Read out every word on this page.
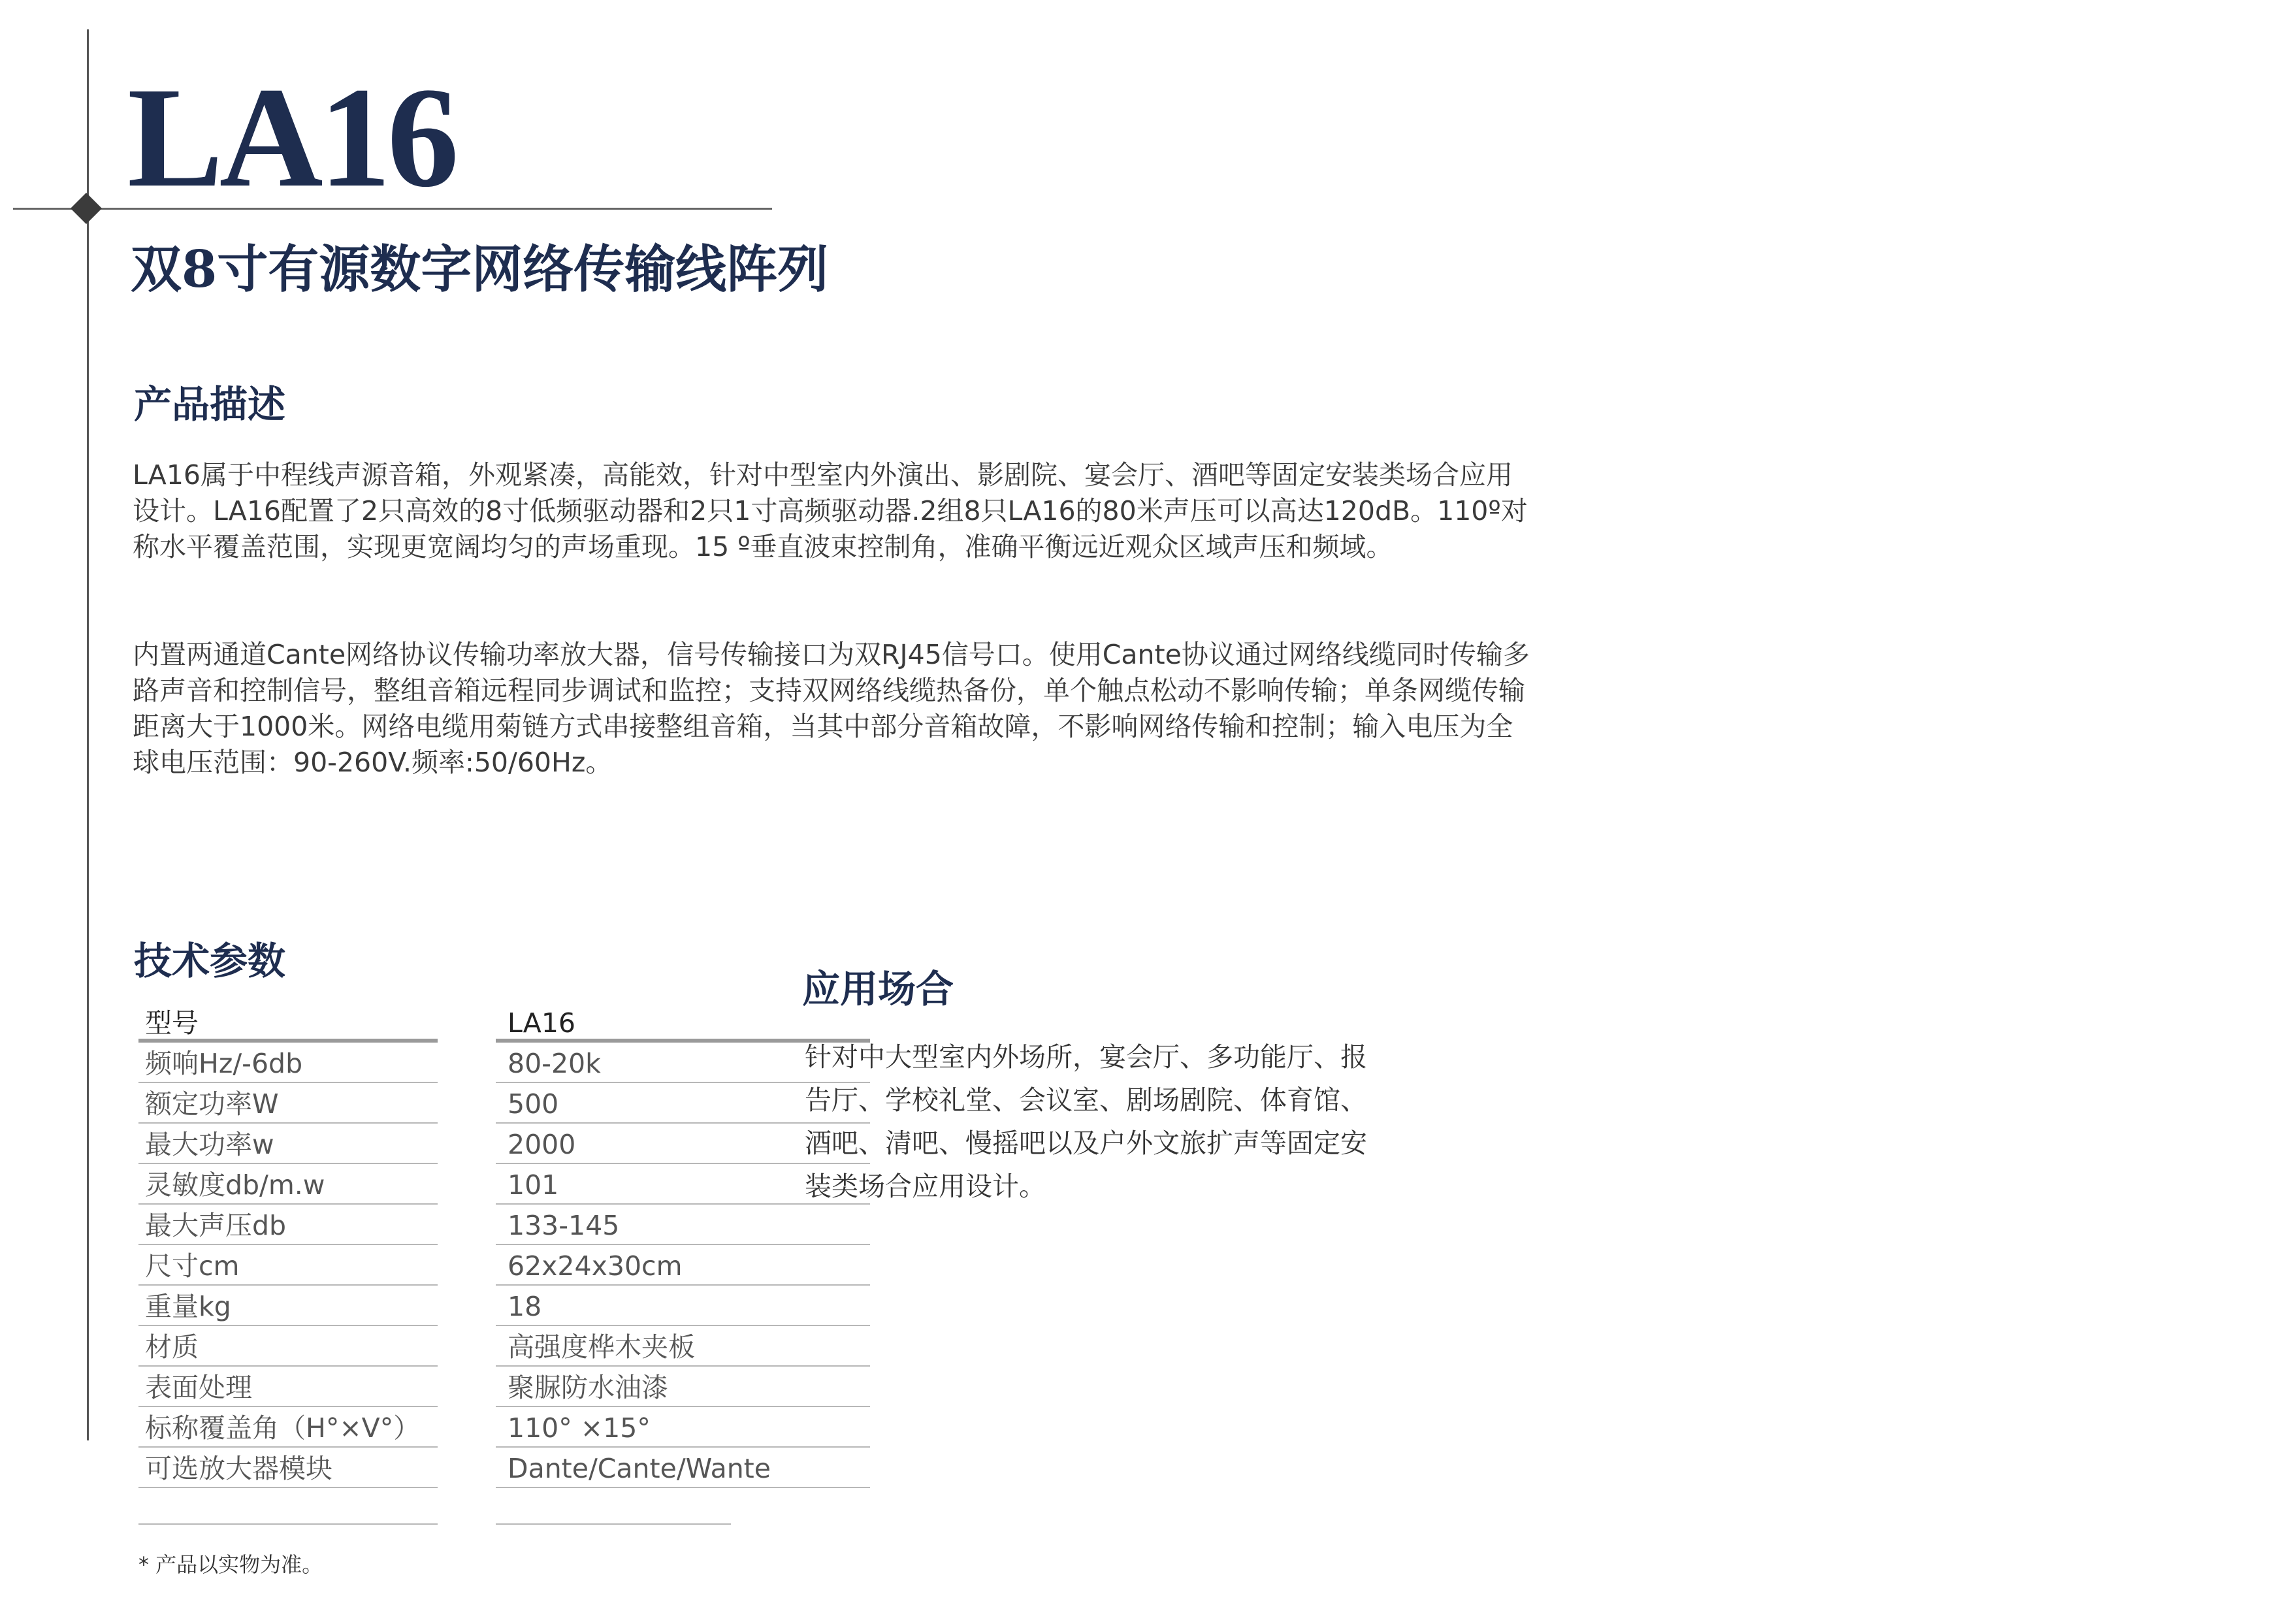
LA16
双8寸有源数字网络传输线阵列
产品描述

LA16属于中程线声源音箱，外观紧凑，高能效，针对中型室内外演出、影剧院、宴会厅、酒吧等固定安装类场合应用设计。LA16配置了2只高效的8寸低频驱动器和2只1寸高频驱动器.2组8只LA16的80米声压可以高达120dB。110º对称水平覆盖范围，实现更宽阔均匀的声场重现。15 º垂直波束控制角，准确平衡远近观众区域声压和频域。

内置两通道Cante网络协议传输功率放大器，信号传输接口为双RJ45信号口。使用Cante协议通过网络线缆同时传输多路声音和控制信号，整组音箱远程同步调试和监控；支持双网络线缆热备份，单个触点松动不影响传输；单条网缆传输距离大于1000米。网络电缆用菊链方式串接整组音箱，当其中部分音箱故障，不影响网络传输和控制；输入电压为全球电压范围：90-260V.频率:50/60Hz。

技术参数
型号	LA16
频响Hz/-6db	80-20k
额定功率W	500
最大功率w	2000
灵敏度db/m.w	101
最大声压db	133-145
尺寸cm	62x24x30cm
重量kg	18
材质	高强度桦木夹板
表面处理	聚脲防水油漆
标称覆盖角（H°×V°）	110° ×15°
可选放大器模块	Dante/Cante/Wante
应用场合

针对中大型室内外场所，宴会厅、多功能厅、报告厅、学校礼堂、会议室、剧场剧院、体育馆、酒吧、清吧、慢摇吧以及户外文旅扩声等固定安装类场合应用设计。

* 产品以实物为准。
